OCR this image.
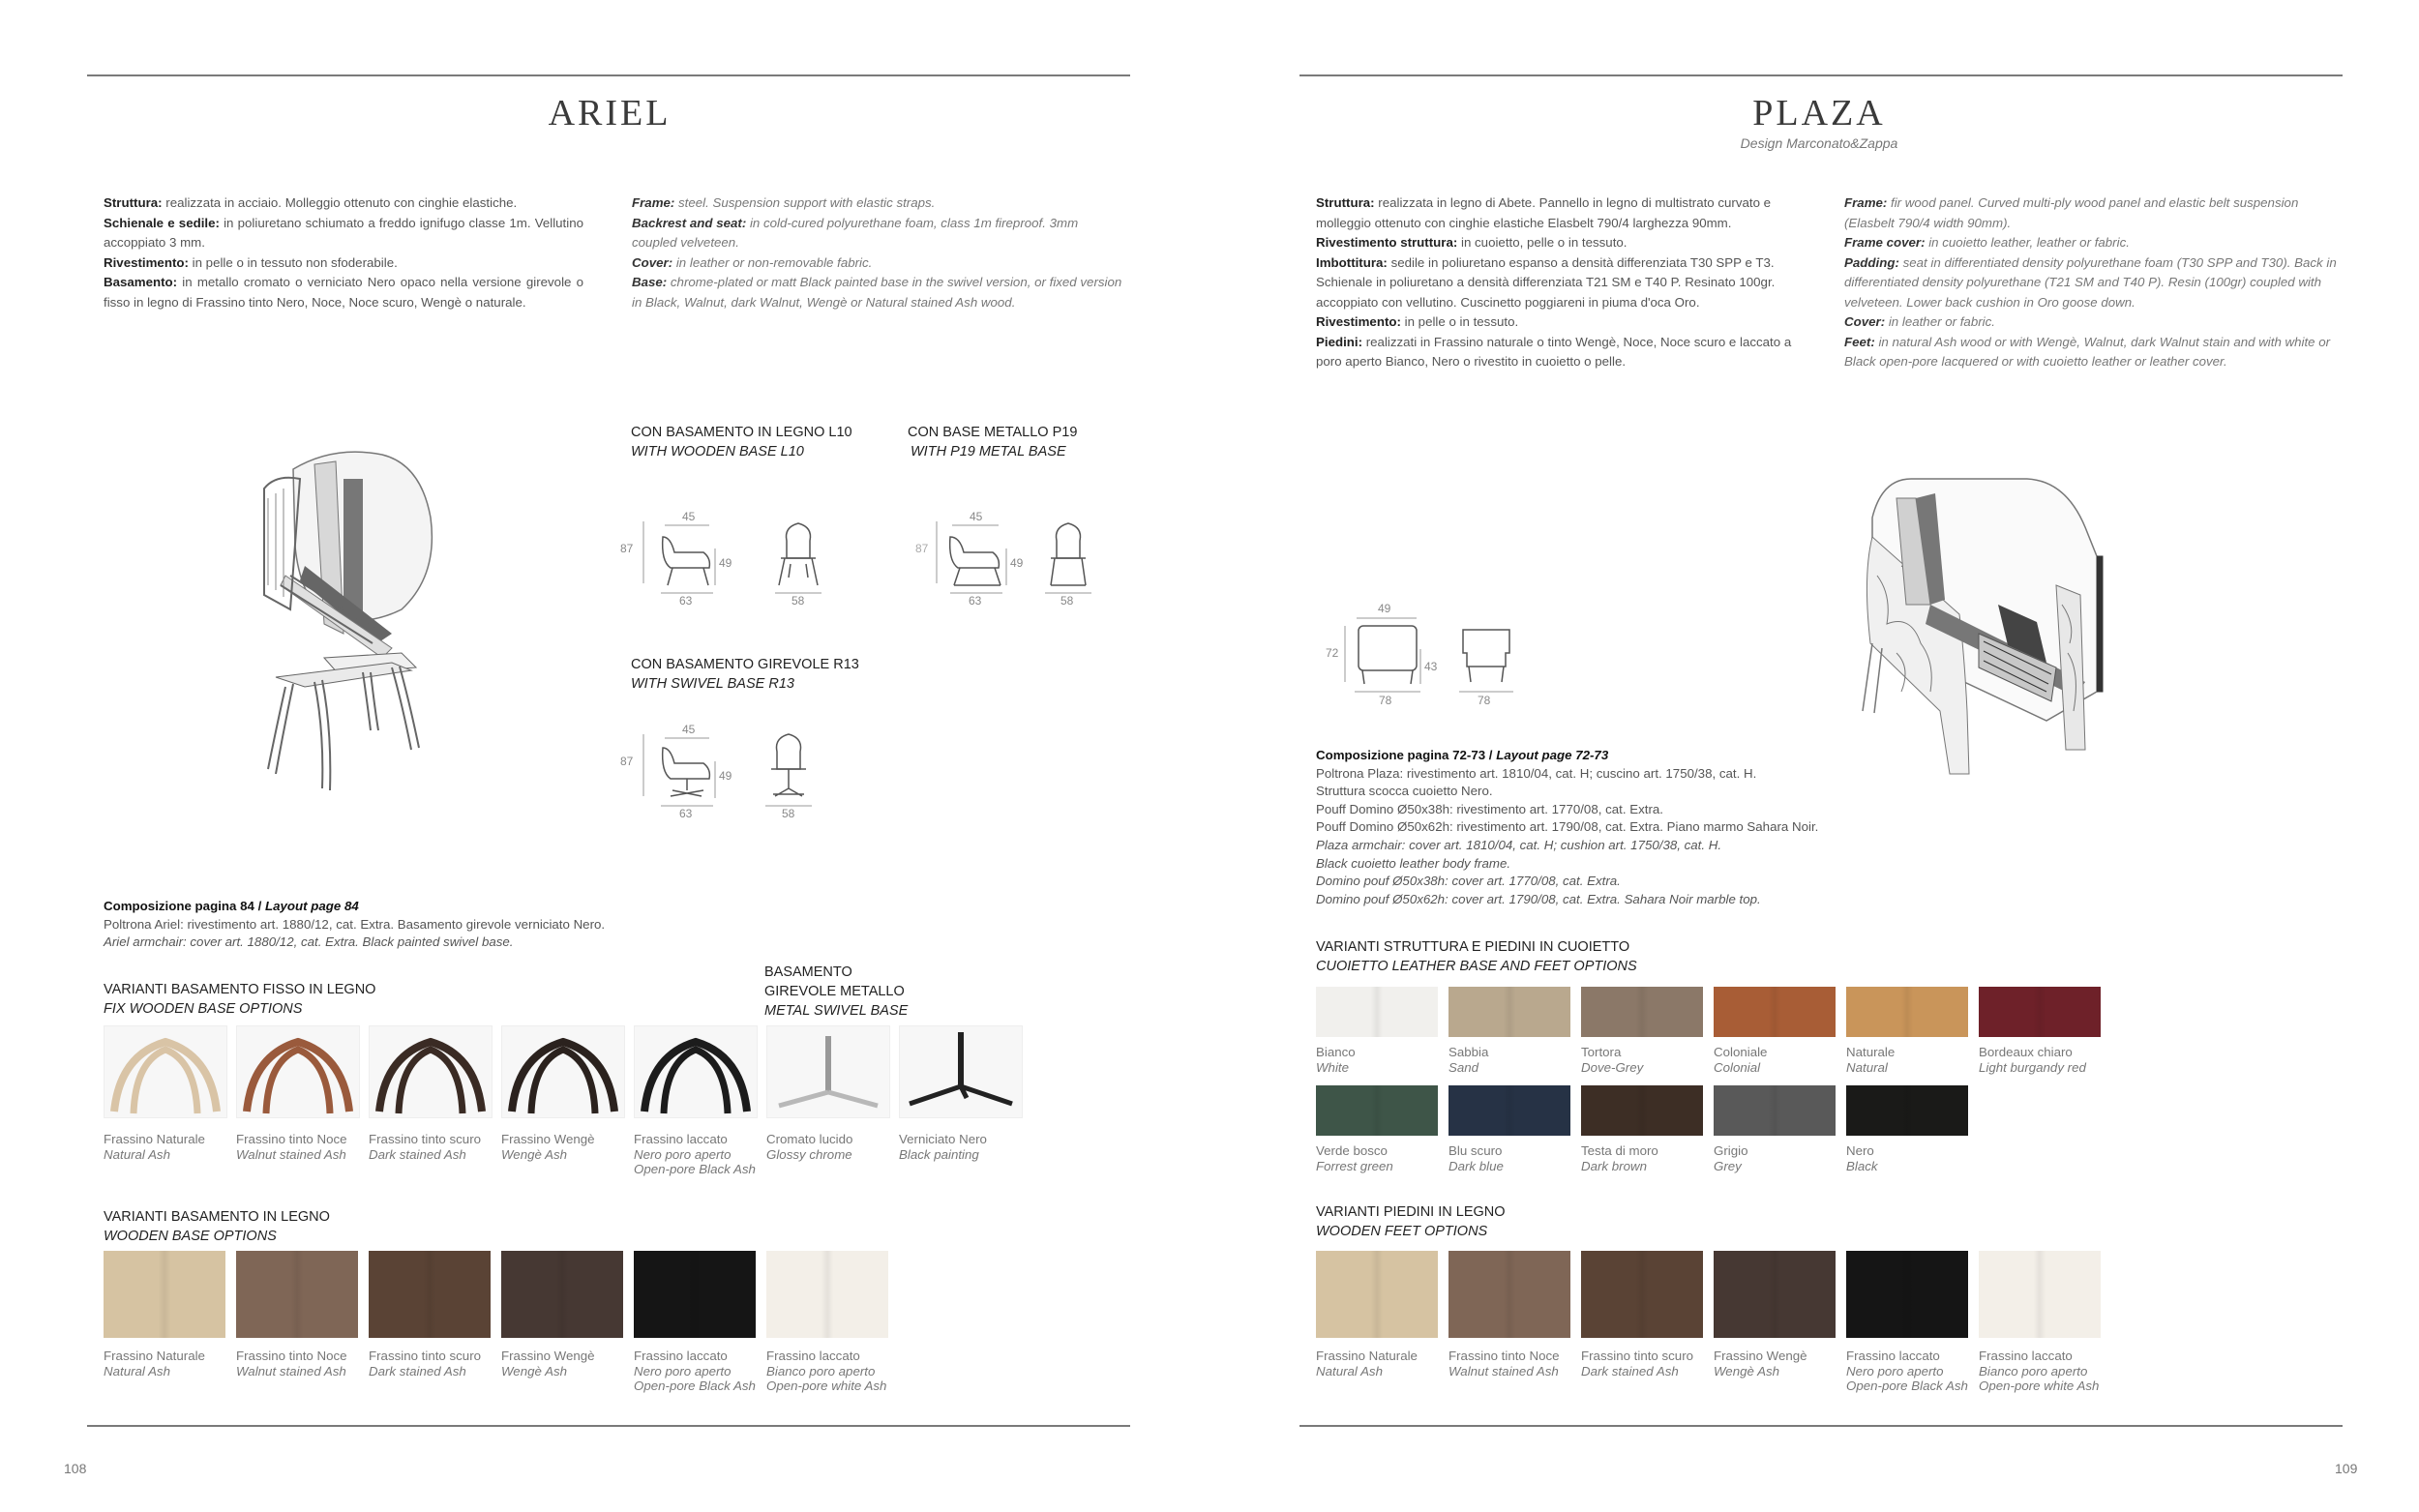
ARIEL
Struttura: realizzata in acciaio. Molleggio ottenuto con cinghie elastiche.
Schienale e sedile: in poliuretano schiumato a freddo ignifugo classe 1m. Vellutino accoppiato 3 mm.
Rivestimento: in pelle o in tessuto non sfoderabile.
Basamento: in metallo cromato o verniciato Nero opaco nella versione girevole o fisso in legno di Frassino tinto Nero, Noce, Noce scuro, Wengè o naturale.
Frame: steel. Suspension support with elastic straps.
Backrest and seat: in cold-cured polyurethane foam, class 1m fireproof. 3mm coupled velveteen.
Cover: in leather or non-removable fabric.
Base: chrome-plated or matt Black painted base in the swivel version, or fixed version in Black, Walnut, dark Walnut, Wengè or Natural stained Ash wood.
CON BASAMENTO IN LEGNO L10
WITH WOODEN BASE L10
CON BASE METALLO P19
WITH P19 METAL BASE
CON BASAMENTO GIREVOLE R13
WITH SWIVEL BASE R13
87
45
49
63	58
87
45
49
63	58
87
45
49
63	58
Composizione pagina 84 / Layout page 84
Poltrona Ariel: rivestimento art. 1880/12, cat. Extra. Basamento girevole verniciato Nero.
Ariel armchair: cover art. 1880/12, cat. Extra. Black painted swivel base.
VARIANTI BASAMENTO FISSO IN LEGNO
FIX WOODEN BASE OPTIONS
BASAMENTO
GIREVOLE METALLO
METAL SWIVEL BASE
Frassino Naturale
Natural Ash
Frassino tinto Noce
Walnut stained Ash
Frassino tinto scuro
Dark stained Ash
Frassino Wengè
Wengè Ash
Frassino laccato
Nero poro aperto
Open-pore Black Ash
Cromato lucido
Glossy chrome
Verniciato Nero
Black painting
VARIANTI BASAMENTO IN LEGNO
WOODEN BASE OPTIONS
Frassino Naturale
Natural Ash
Frassino tinto Noce
Walnut stained Ash
Frassino tinto scuro
Dark stained Ash
Frassino Wengè
Wengè Ash
Frassino laccato
Nero poro aperto
Open-pore Black Ash
Frassino laccato
Bianco poro aperto
Open-pore white Ash
108
PLAZA
Design Marconato&Zappa
Struttura: realizzata in legno di Abete. Pannello in legno di multistrato curvato e molleggio ottenuto con cinghie elastiche Elasbelt 790/4 larghezza 90mm.
Rivestimento struttura: in cuoietto, pelle o in tessuto.
Imbottitura: sedile in poliuretano espanso a densità differenziata T30 SPP e T3. Schienale in poliuretano a densità differenziata T21 SM e T40 P. Resinato 100gr. accoppiato con vellutino. Cuscinetto poggiareni in piuma d'oca Oro.
Rivestimento: in pelle o in tessuto.
Piedini: realizzati in Frassino naturale o tinto Wengè, Noce, Noce scuro e laccato a poro aperto Bianco, Nero o rivestito in cuoietto o pelle.
Frame: fir wood panel. Curved multi-ply wood panel and elastic belt suspension (Elasbelt 790/4 width 90mm).
Frame cover: in cuoietto leather, leather or fabric.
Padding: seat in differentiated density polyurethane foam (T30 SPP and T30). Back in differentiated density polyurethane (T21 SM and T40 P). Resin (100gr) coupled with velveteen. Lower back cushion in Oro goose down.
Cover: in leather or fabric.
Feet: in natural Ash wood or with Wengè, Walnut, dark Walnut stain and with white or Black open-pore lacquered or with cuoietto leather or leather cover.
49
72
43
78	78
Composizione pagina 72-73 / Layout page 72-73
Poltrona Plaza: rivestimento art. 1810/04, cat. H; cuscino art. 1750/38, cat. H.
Struttura scocca cuoietto Nero.
Pouff Domino Ø50x38h: rivestimento art. 1770/08, cat. Extra.
Pouff Domino Ø50x62h: rivestimento art. 1790/08, cat. Extra. Piano marmo Sahara Noir.
Plaza armchair: cover art. 1810/04, cat. H; cushion art. 1750/38, cat. H.
Black cuoietto leather body frame.
Domino pouf Ø50x38h: cover art. 1770/08, cat. Extra.
Domino pouf Ø50x62h: cover art. 1790/08, cat. Extra. Sahara Noir marble top.
VARIANTI STRUTTURA E PIEDINI IN CUOIETTO
CUOIETTO LEATHER BASE AND FEET OPTIONS
Bianco
White
Sabbia
Sand
Tortora
Dove-Grey
Coloniale
Colonial
Naturale
Natural
Bordeaux chiaro
Light burgandy red
Verde bosco
Forrest green
Blu scuro
Dark blue
Testa di moro
Dark brown
Grigio
Grey
Nero
Black
VARIANTI PIEDINI IN LEGNO
WOODEN FEET OPTIONS
Frassino Naturale
Natural Ash
Frassino tinto Noce
Walnut stained Ash
Frassino tinto scuro
Dark stained Ash
Frassino Wengè
Wengè Ash
Frassino laccato
Nero poro aperto
Open-pore Black Ash
Frassino laccato
Bianco poro aperto
Open-pore white Ash
109
